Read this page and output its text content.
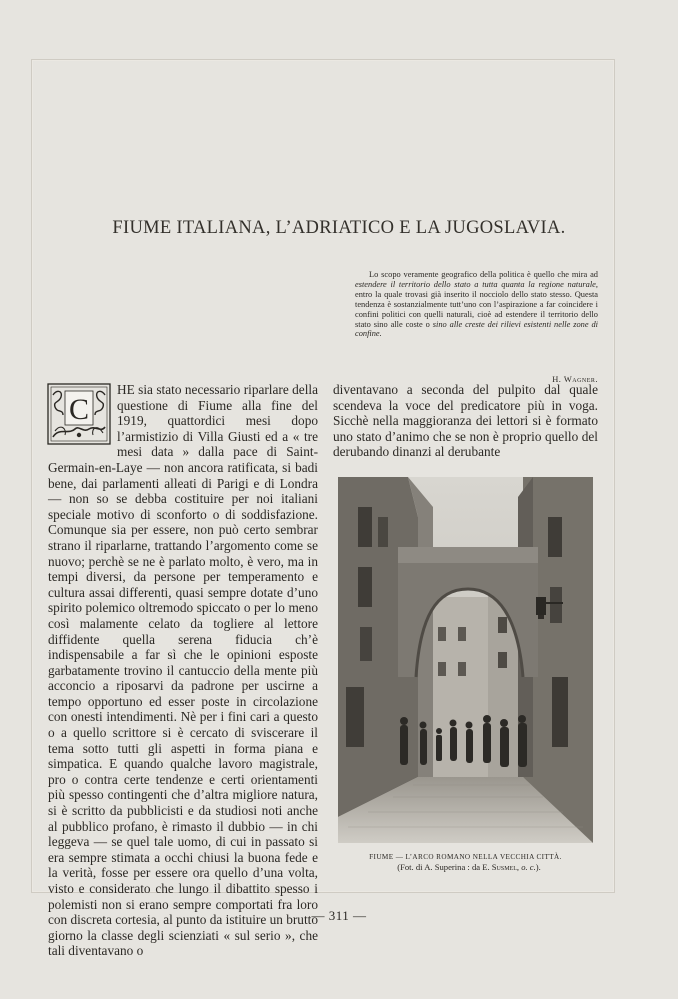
FIUME ITALIANA, L’ADRIATICO E LA JUGOSLAVIA.
Lo scopo veramente geografico della politica è quello che mira ad estendere il territorio dello stato a tutta quanta la regione naturale, entro la quale trovasi già inserito il nocciolo dello stato stesso. Questa tendenza è sostanzialmente tutt’uno con l’aspirazione a far coincidere i confini politici con quelli naturali, cioè ad estendere il territorio dello stato sino alle coste o sino alle creste dei rilievi esistenti nelle zone di confine.
H. Wagner.
C

HE sia stato necessario riparlare della questione di Fiume alla fine del 1919, quattordici mesi dopo l’armistizio di Villa Giusti ed a « tre mesi data » dalla pace di Saint-Germain-en-Laye — non ancora ratificata, si badi bene, dai parlamenti alleati di Parigi e di Londra — non so se debba costituire per noi italiani speciale motivo di sconforto o di soddisfazione. Comunque sia per essere, non può certo sembrar strano il riparlarne, trattando l’argomento come se nuovo; perchè se ne è parlato molto, è vero, ma in tempi diversi, da persone per temperamento e cultura assai differenti, quasi sempre dotate d’uno spirito polemico oltremodo spiccato o per lo meno così malamente celato da togliere al lettore diffidente quella serena fiducia ch’è indispensabile a far sì che le opinioni esposte garbatamente trovino il cantuccio della mente più acconcio a riposarvi da padrone per uscirne a tempo opportuno ed esser poste in circolazione con onesti intendimenti. Nè per i fini cari a questo o a quello scrittore si è cercato di sviscerare il tema sotto tutti gli aspetti in forma piana e simpatica. E quando qualche lavoro magistrale, pro o contra certe tendenze e certi orientamenti più spesso contingenti che d’altra migliore natura, si è scritto da pubblicisti e da studiosi noti anche al pubblico profano, è rimasto il dubbio — in chi leggeva — se quel tale uomo, di cui in passato si era sempre stimata a occhi chiusi la buona fede e la verità, fosse per essere ora quello d’una volta, visto e considerato che lungo il dibattito spesso i polemisti non si erano sempre comportati fra loro con discreta cortesia, al punto da istituire un brutto giorno la classe degli scienziati « sul serio », che tali diventavano o

diventavano a seconda del pulpito dal quale scendeva la voce del predicatore più in voga. Sicchè nella maggioranza dei lettori si è formato uno stato d’animo che se non è proprio quello del derubando dinanzi al derubante

FIUME — L’ARCO ROMANO NELLA VECCHIA CITTÀ.
(Fot. di A. Superina : da E. Susmel, o. c.).
— 311 —
